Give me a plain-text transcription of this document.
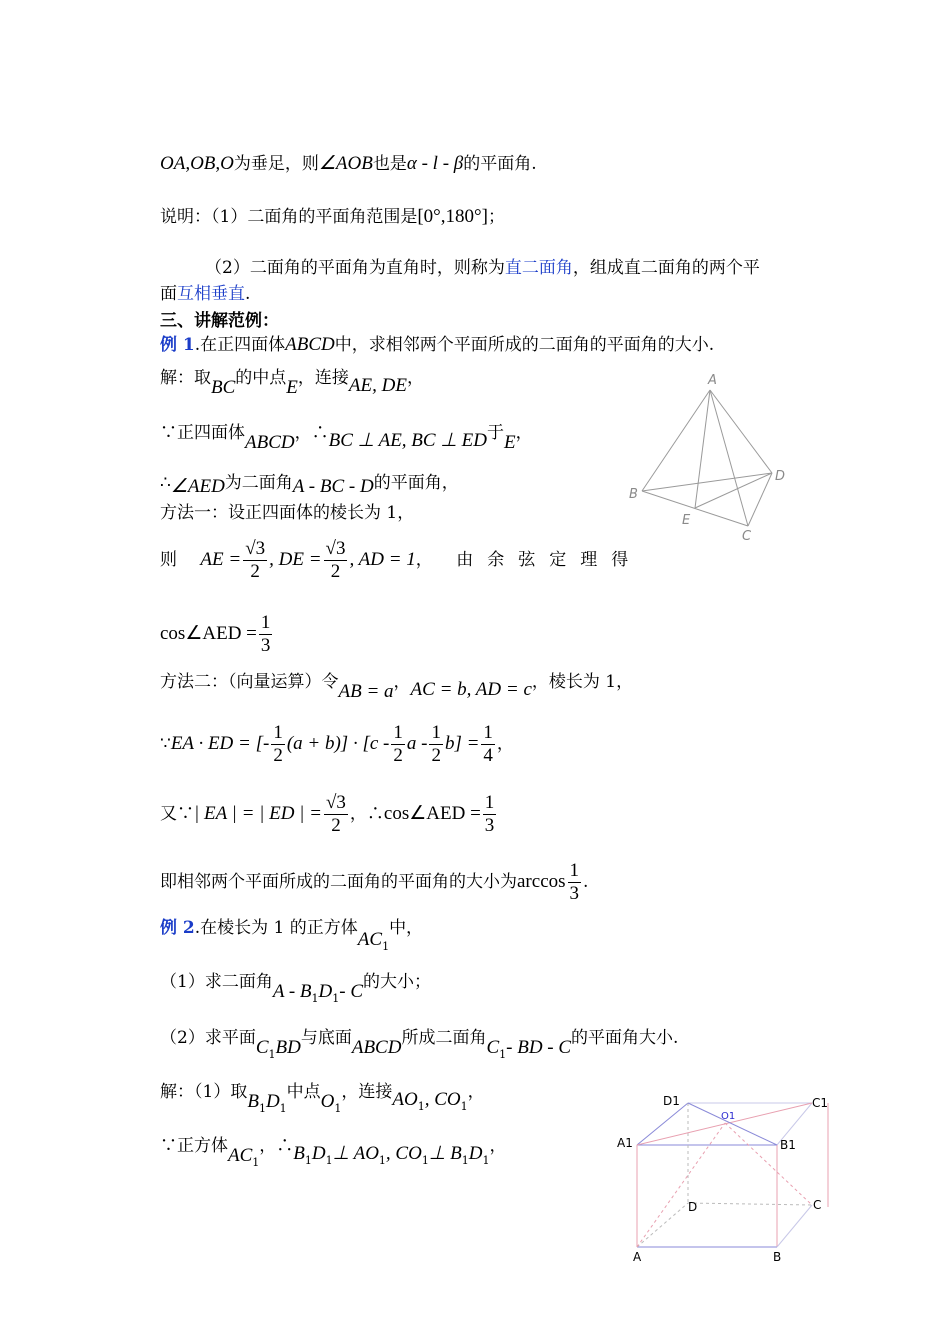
OA,OB,O为垂足，则∠AOB也是α - l - β的平面角.
说明：（1）二面角的平面角范围是[0°,180°]；
（2）二面角的平面角为直角时，则称为直二面角，组成直二面角的两个平
面互相垂直.
三、讲解范例：
例 1.在正四面体ABCD中，求相邻两个平面所成的二面角的平面角的大小.
解：取BC的中点E，连接AE, DE，
∵正四面体ABCD，∴BC ⊥ AE, BC ⊥ ED于E，
∴∠AED为二面角A - BC - D的平面角，
方法一：设正四面体的棱长为 1，
则 AE = $\frac{√3}{2}$ , DE = $\frac{√3}{2}$ , AD = 1， 由余弦定理得
cos∠AED = $\frac{1}{3}$
方法二：（向量运算）令AB = a，AC = b, AD = c，棱长为 1，
∵EA · ED = [- $\frac{1}{2} (a + b)] \cdot [c - \frac{1}{2}$ $a - \frac{1}{2} b] = \frac{1}{4}$ ，
又∵| EA | = | ED | = $\frac{√3}{2}$ ，∴cos∠AED = $\frac{1}{3}$
即相邻两个平面所成的二面角的平面角的大小为$\arccos \frac{1}{3}$ .
例 2.在棱长为 1 的正方体$AC_1$中，
（1）求二面角A - $B_1D_1-$ C的大小；
（2）求平面$C_1BD$与底面ABCD所成二面角$C_1-$ BD - C的平面角大小.
解：（1）取$B_1D_1$中点$O_1$，连接$AO_1$, $CO_1$，
∵正方体$AC_1$，$\therefore B_1D_1\perp$ $AO_1$, $CO_1\perp$ $B_1D_1$，
A
B
D
E
C
D1
A1
C1
B1
O1
D	C
A	B
